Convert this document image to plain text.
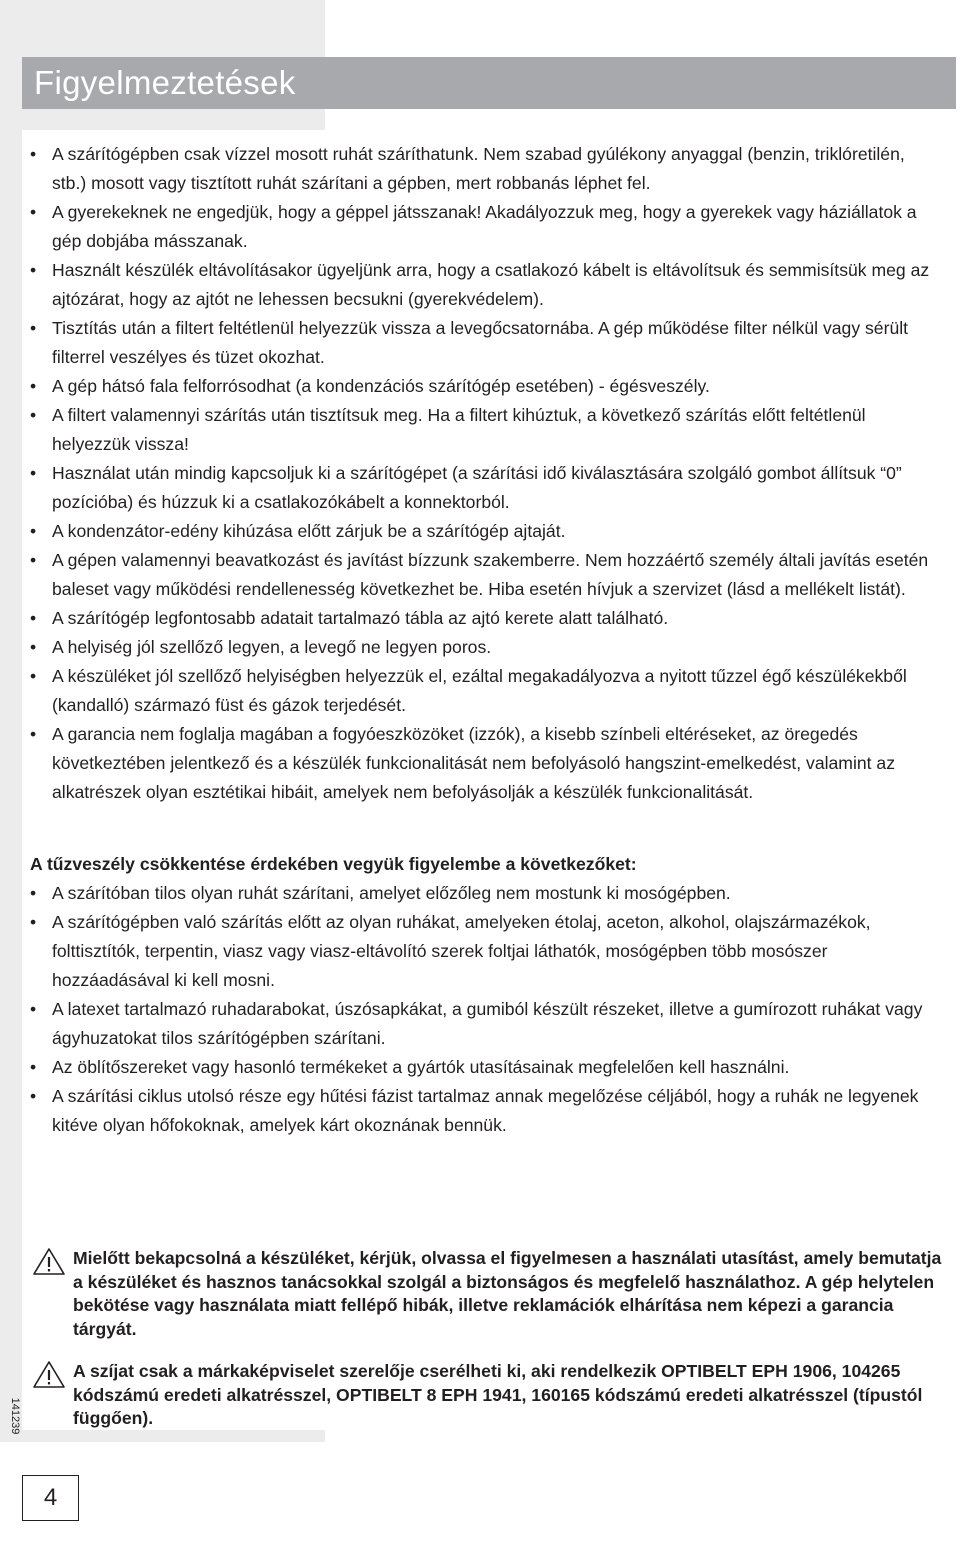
Figyelmeztetések
• A szárítógépben csak vízzel mosott ruhát száríthatunk. Nem szabad gyúlékony anyaggal (benzin, triklóretilén, stb.) mosott vagy tisztított ruhát szárítani a gépben, mert robbanás léphet fel.
• A gyerekeknek ne engedjük, hogy a géppel játsszanak! Akadályozzuk meg, hogy a gyerekek vagy háziállatok a gép dobjába másszanak.
• Használt készülék eltávolításakor ügyeljünk arra, hogy a csatlakozó kábelt is eltávolítsuk és semmisítsük meg az ajtózárat, hogy az ajtót ne lehessen becsukni (gyerekvédelem).
• Tisztítás után a filtert feltétlenül helyezzük vissza a levegőcsatornába. A gép működése filter nélkül vagy sérült filterrel veszélyes és tüzet okozhat.
• A gép hátsó fala felforrósodhat (a kondenzációs szárítógép esetében) - égésveszély.
• A filtert valamennyi szárítás után tisztítsuk meg. Ha a filtert kihúztuk, a következő szárítás előtt feltétlenül helyezzük vissza!
• Használat után mindig kapcsoljuk ki a szárítógépet (a szárítási idő kiválasztására szolgáló gombot állítsuk “0” pozícióba) és húzzuk ki a csatlakozókábelt a konnektorból.
• A kondenzátor-edény kihúzása előtt zárjuk be a szárítógép ajtaját.
• A gépen valamennyi beavatkozást és javítást bízzunk szakemberre. Nem hozzáértő személy általi javítás esetén baleset vagy működési rendellenesség következhet be. Hiba esetén hívjuk a szervizet (lásd a mellékelt listát).
• A szárítógép legfontosabb adatait tartalmazó tábla az ajtó kerete alatt található.
• A helyiség jól szellőző legyen, a levegő ne legyen poros.
• A készüléket jól szellőző helyiségben helyezzük el, ezáltal megakadályozva a nyitott tűzzel égő készülékekből (kandalló) származó füst és gázok terjedését.
• A garancia nem foglalja magában a fogyóeszközöket (izzók), a kisebb színbeli eltéréseket, az öregedés következtében jelentkező és a készülék funkcionalitását nem befolyásoló hangszint-emelkedést, valamint az alkatrészek olyan esztétikai hibáit, amelyek nem befolyásolják a készülék funkcionalitását.
A tűzveszély csökkentése érdekében vegyük figyelembe a következőket:
• A szárítóban tilos olyan ruhát szárítani, amelyet előzőleg nem mostunk ki mosógépben.
• A szárítógépben való szárítás előtt az olyan ruhákat, amelyeken étolaj, aceton, alkohol, olajszármazékok, folttisztítók, terpentin, viasz vagy viasz-eltávolító szerek foltjai láthatók, mosógépben több mosószer hozzáadásával ki kell mosni.
• A latexet tartalmazó ruhadarabokat, úszósapkákat, a gumiból készült részeket, illetve a gumírozott ruhákat vagy ágyhuzatokat tilos szárítógépben szárítani.
• Az öblítőszereket vagy hasonló termékeket a gyártók utasításainak megfelelően kell használni.
• A szárítási ciklus utolsó része egy hűtési fázist tartalmaz annak megelőzése céljából, hogy a ruhák ne legyenek kitéve olyan hőfokoknak, amelyek kárt okoznának bennük.
Mielőtt bekapcsolná a készüléket, kérjük, olvassa el figyelmesen a használati utasítást, amely bemutatja a készüléket és hasznos tanácsokkal szolgál a biztonságos és megfelelő használathoz. A gép helytelen bekötése vagy használata miatt fellépő hibák, illetve reklamációk elhárítása nem képezi a garancia tárgyát.
A szíjat csak a márkaképviselet szerelője cserélheti ki, aki rendelkezik OPTIBELT EPH 1906, 104265 kódszámú eredeti alkatrésszel, OPTIBELT 8 EPH 1941, 160165 kódszámú eredeti alkatrésszel (típustól függően).
141239
4
